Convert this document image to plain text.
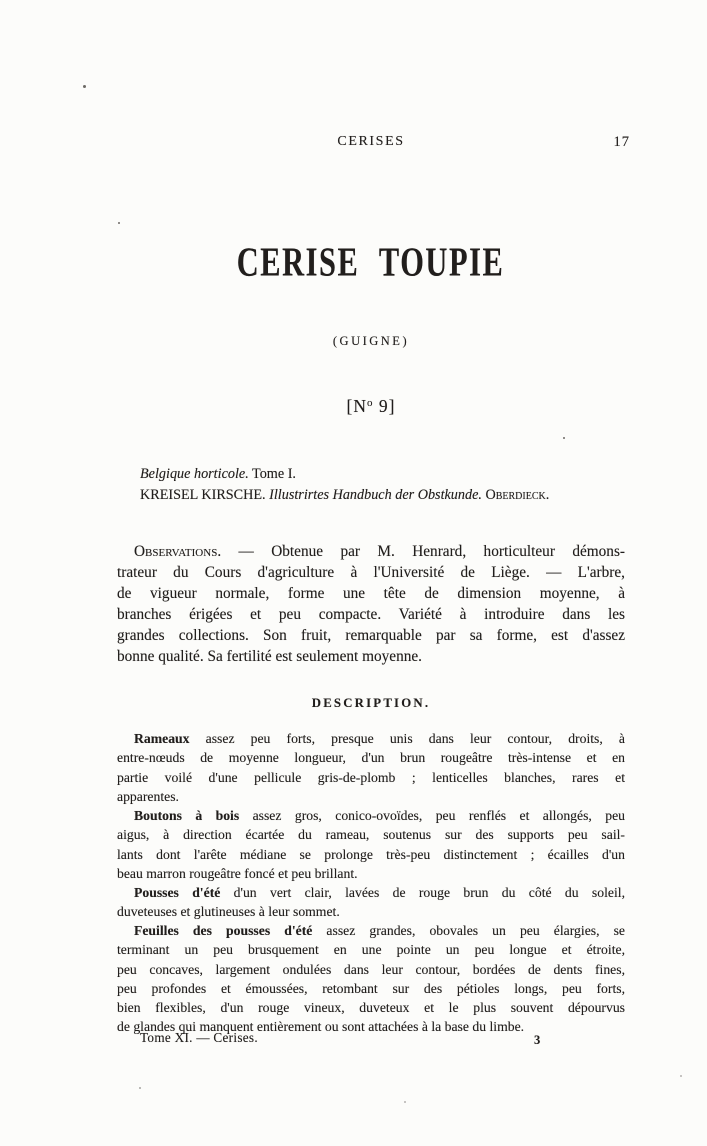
CERISES	17
CERISE TOUPIE
(GUIGNE)
[$N^o$ 9]
Belgique horticole. Tome I.
KREISEL KIRSCHE. Illustrirtes Handbuch der Obstkunde. Oberdieck.
Observations. — Obtenue par M. Henrard, horticulteur démons-
trateur du Cours d'agriculture à l'Université de Liège. — L'arbre,
de vigueur normale, forme une tête de dimension moyenne, à
branches érigées et peu compacte. Variété à introduire dans les
grandes collections. Son fruit, remarquable par sa forme, est d'assez
bonne qualité. Sa fertilité est seulement moyenne.
DESCRIPTION.
Rameaux assez peu forts, presque unis dans leur contour, droits, à
entre-nœuds de moyenne longueur, d'un brun rougeâtre très-intense et en
partie voilé d'une pellicule gris-de-plomb ; lenticelles blanches, rares et
apparentes.
Boutons à bois assez gros, conico-ovoïdes, peu renflés et allongés, peu
aigus, à direction écartée du rameau, soutenus sur des supports peu sail-
lants dont l'arête médiane se prolonge très-peu distinctement ; écailles d'un
beau marron rougeâtre foncé et peu brillant.
Pousses d'été d'un vert clair, lavées de rouge brun du côté du soleil,
duveteuses et glutineuses à leur sommet.
Feuilles des pousses d'été assez grandes, obovales un peu élargies, se
terminant un peu brusquement en une pointe un peu longue et étroite,
peu concaves, largement ondulées dans leur contour, bordées de dents fines,
peu profondes et émoussées, retombant sur des pétioles longs, peu forts,
bien flexibles, d'un rouge vineux, duveteux et le plus souvent dépourvus
de glandes qui manquent entièrement ou sont attachées à la base du limbe.
Tome XI. — Cerises.	3
